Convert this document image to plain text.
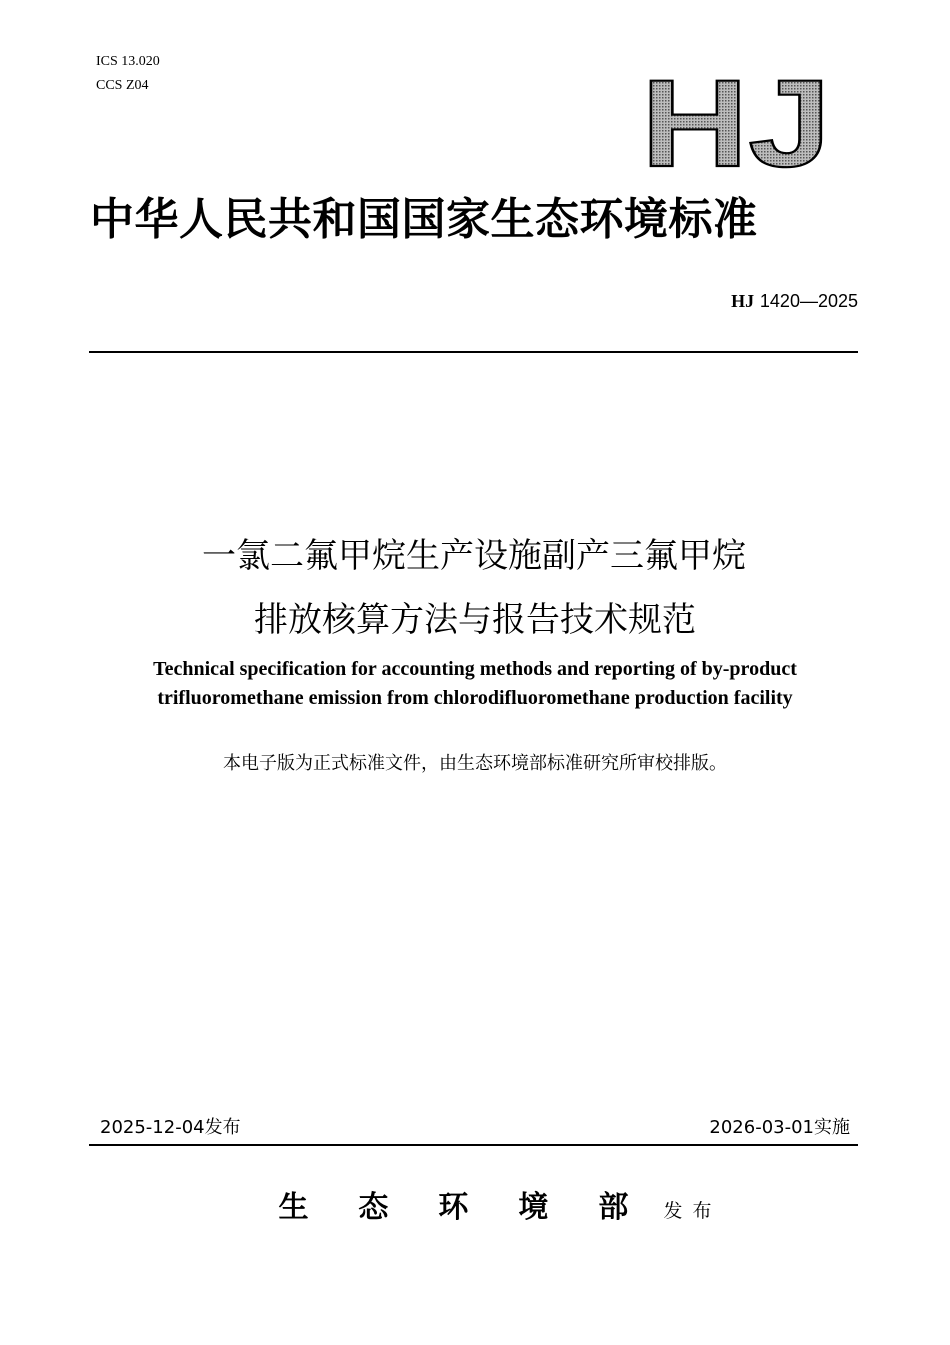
ICS 13.020
CCS Z04	HJ
中华人民共和国国家生态环境标准
HJ 1420—2025
一氯二氟甲烷生产设施副产三氟甲烷
排放核算方法与报告技术规范
Technical specification for accounting methods and reporting of by-product
trifluoromethane emission from chlorodifluoromethane production facility
本电子版为正式标准文件，由生态环境部标准研究所审校排版。
2025-12-04发布	2026-03-01实施
生态环境部 发布
